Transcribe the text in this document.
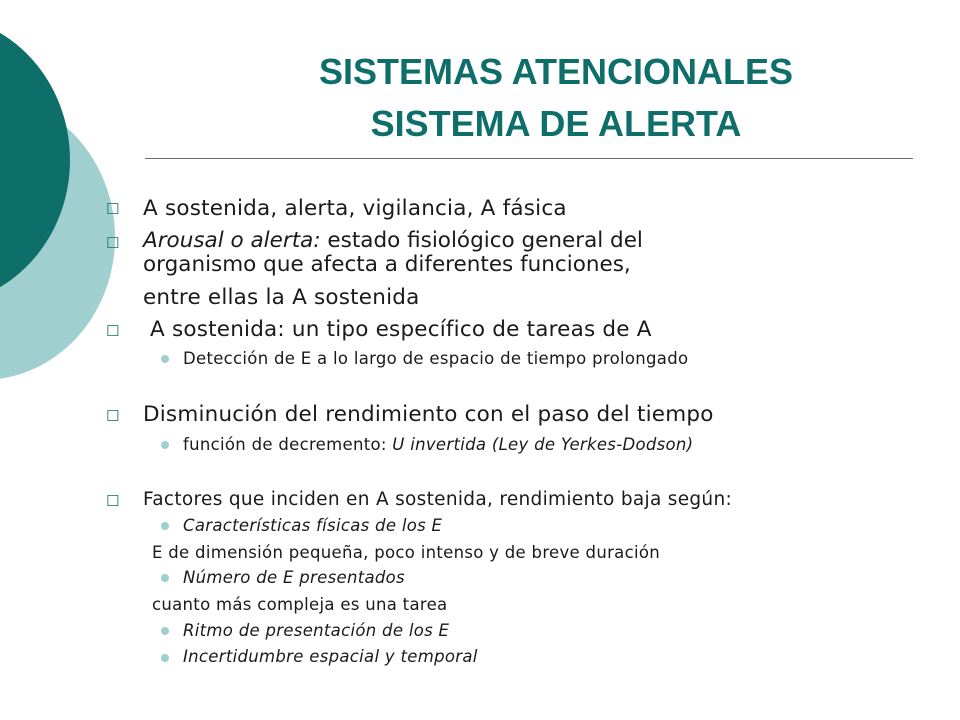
SISTEMAS ATENCIONALES
SISTEMA DE ALERTA
☐ A sostenida, alerta, vigilancia, A fásica
☐ Arousal o alerta: estado fisiológico general del
organismo que afecta a diferentes funciones,
entre ellas la A sostenida
☐ A sostenida: un tipo específico de tareas de A
Detección de E a lo largo de espacio de tiempo prolongado
☐ Disminución del rendimiento con el paso del tiempo
función de decremento: U invertida (Ley de Yerkes-Dodson)
☐ Factores que inciden en A sostenida, rendimiento baja según:
Características físicas de los E
E de dimensión pequeña, poco intenso y de breve duración
Número de E presentados
cuanto más compleja es una tarea
Ritmo de presentación de los E
Incertidumbre espacial y temporal
